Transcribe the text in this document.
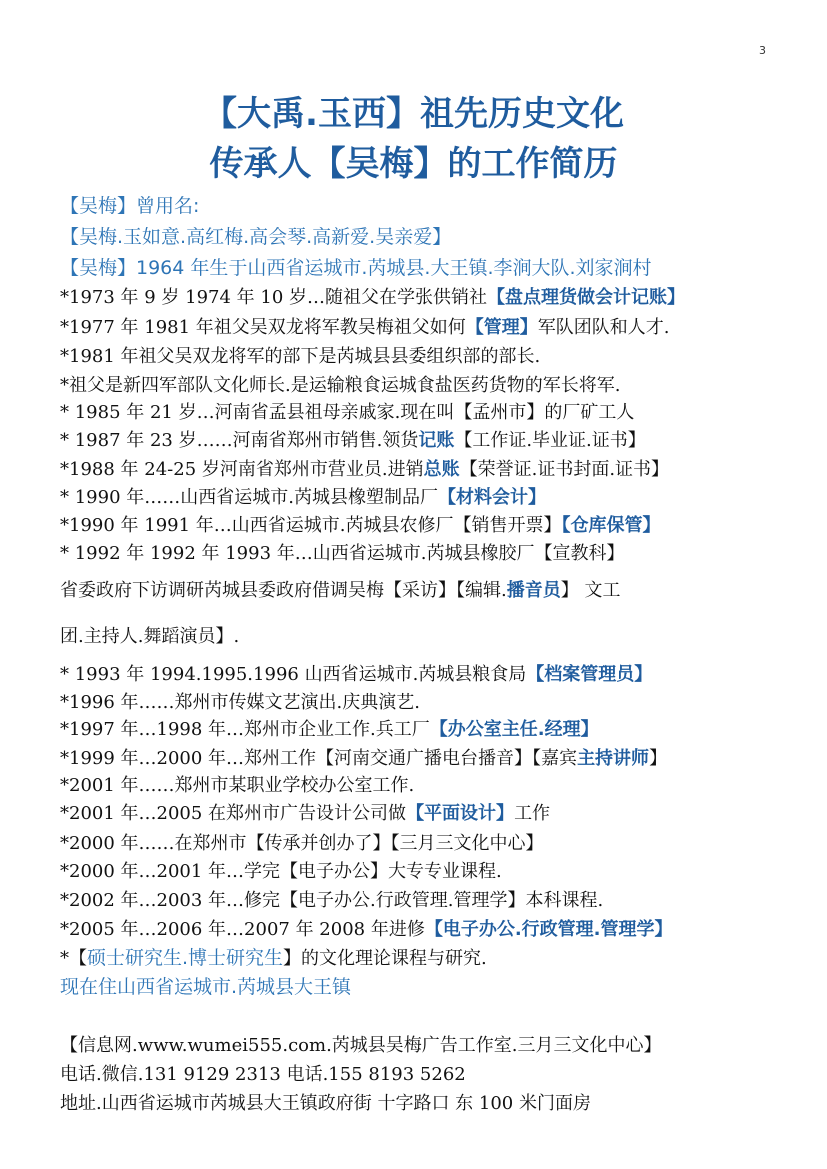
3
【大禹.玉西】祖先历史文化
传承人【吴梅】的工作简历
【吴梅】曾用名:
【吴梅.玉如意.高红梅.高会琴.高新爱.吴亲爱】
【吴梅】1964 年生于山西省运城市.芮城县.大王镇.李涧大队.刘家涧村
*1973 年 9 岁 1974 年 10 岁…随祖父在学张供销社【盘点理货做会计记账】
*1977 年 1981 年祖父吴双龙将军教吴梅祖父如何【管理】军队团队和人才.
*1981 年祖父吴双龙将军的部下是芮城县县委组织部的部长.
*祖父是新四军部队文化师长.是运输粮食运城食盐医药货物的军长将军.
* 1985 年 21 岁…河南省孟县祖母亲戚家.现在叫【孟州市】的厂矿工人
* 1987 年 23 岁……河南省郑州市销售.领货记账【工作证.毕业证.证书】
*1988 年 24-25 岁河南省郑州市营业员.进销总账【荣誉证.证书封面.证书】
* 1990 年……山西省运城市.芮城县橡塑制品厂【材料会计】
*1990 年 1991 年…山西省运城市.芮城县农修厂【销售开票】【仓库保管】
* 1992 年 1992 年 1993 年…山西省运城市.芮城县橡胶厂【宣教科】
省委政府下访调研芮城县委政府借调吴梅【采访】【编辑.播音员】 文工
团.主持人.舞蹈演员】.
* 1993 年 1994.1995.1996 山西省运城市.芮城县粮食局【档案管理员】
*1996 年……郑州市传媒文艺演出.庆典演艺.
*1997 年…1998 年…郑州市企业工作.兵工厂【办公室主任.经理】
*1999 年…2000 年…郑州工作【河南交通广播电台播音】【嘉宾主持讲师】
*2001 年……郑州市某职业学校办公室工作.
*2001 年…2005 在郑州市广告设计公司做【平面设计】工作
*2000 年……在郑州市【传承并创办了】【三月三文化中心】
*2000 年…2001 年…学完【电子办公】大专专业课程.
*2002 年…2003 年…修完【电子办公.行政管理.管理学】本科课程.
*2005 年…2006 年…2007 年 2008 年进修【电子办公.行政管理.管理学】
*【硕士研究生.博士研究生】的文化理论课程与研究.
现在住山西省运城市.芮城县大王镇
【信息网.www.wumei555.com.芮城县吴梅广告工作室.三月三文化中心】
电话.微信.131 9129 2313 电话.155 8193 5262
地址.山西省运城市芮城县大王镇政府街 十字路口 东 100 米门面房
